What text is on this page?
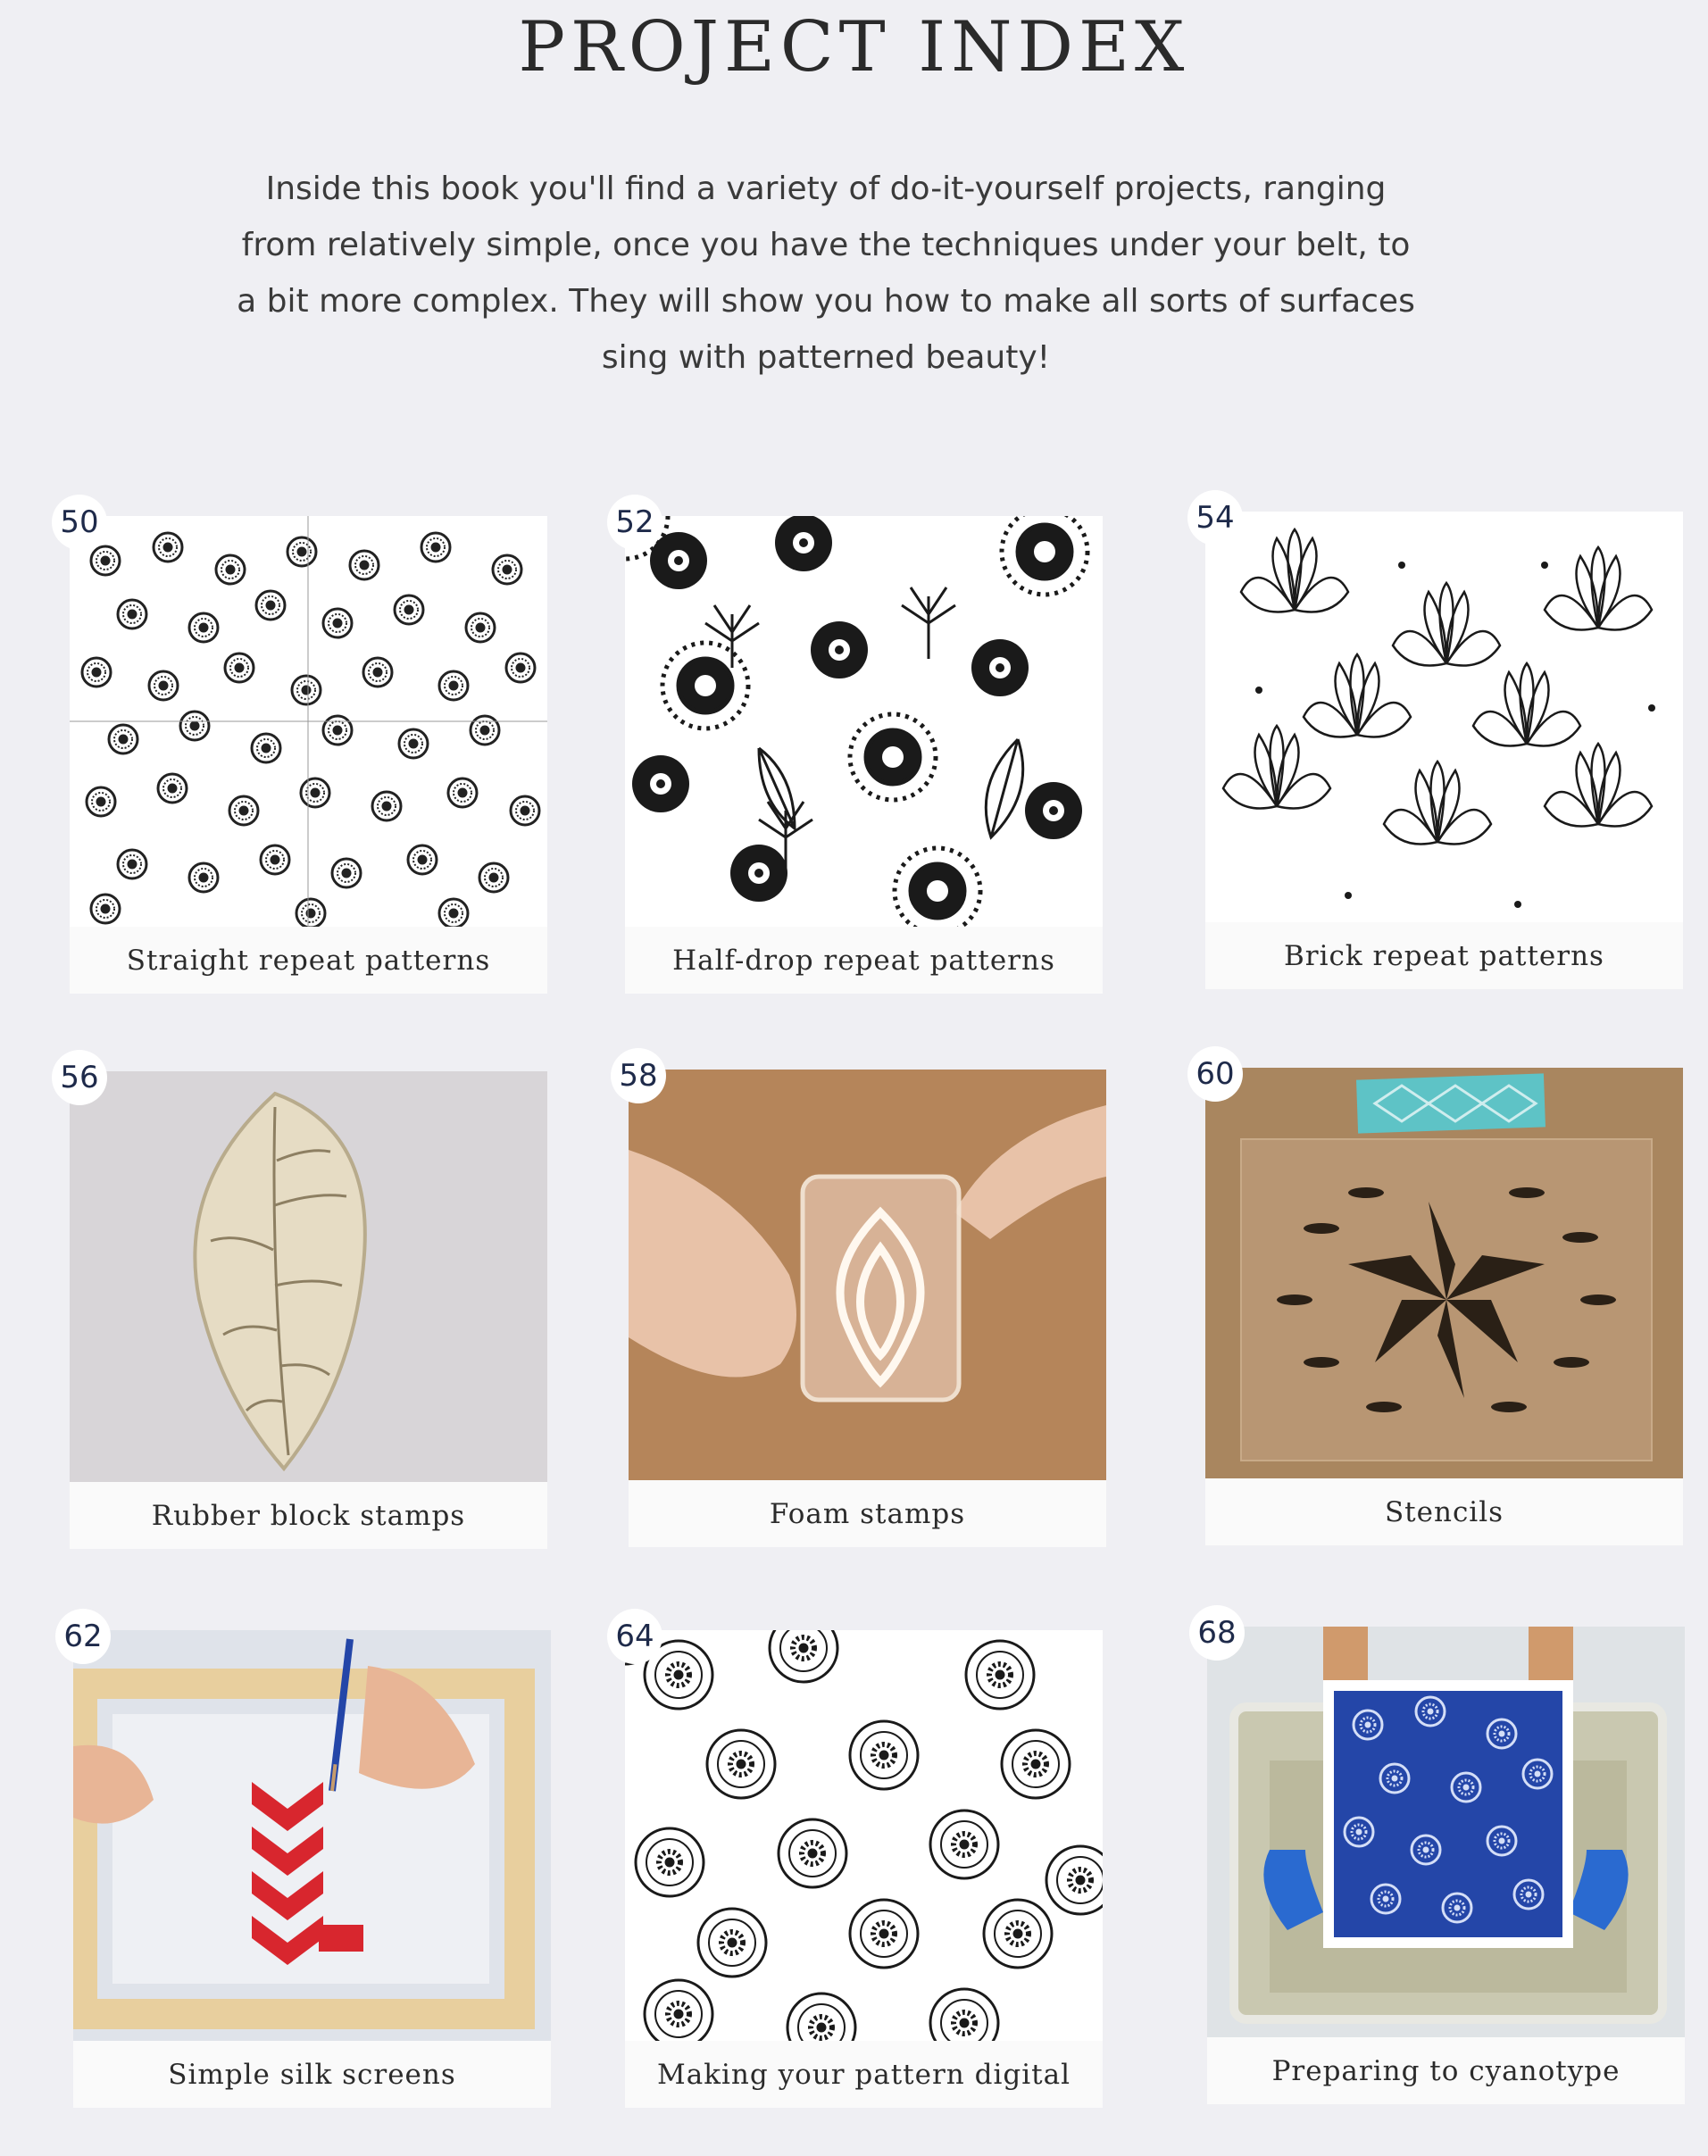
PROJECT INDEX

Inside this book you'll find a variety of do-it-yourself projects, ranging from relatively simple, once you have the techniques under your belt, to a bit more complex. They will show you how to make all sorts of surfaces sing with patterned beauty!

Straight repeat patterns
50
Half-drop repeat patterns
52
Brick repeat patterns
54
Rubber block stamps
56
Foam stamps
58
Stencils
60
Simple silk screens
62
Making your pattern digital
64
Preparing to cyanotype
68
